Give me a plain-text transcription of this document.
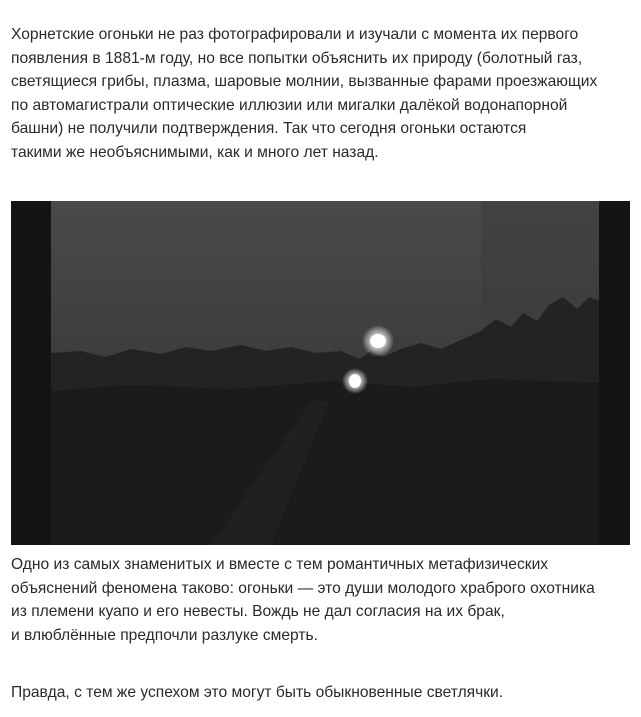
Хорнетские огоньки не раз фотографировали и изучали с момента их первого
появления в 1881-м году, но все попытки объяснить их природу (болотный газ,
светящиеся грибы, плазма, шаровые молнии, вызванные фарами проезжающих
по автомагистрали оптические иллюзии или мигалки далёкой водонапорной
башни) не получили подтверждения. Так что сегодня огоньки остаются
такими же необъяснимыми, как и много лет назад.
Одно из самых знаменитых и вместе с тем романтичных метафизических
объяснений феномена таково: огоньки — это души молодого храброго охотника
из племени куапо и его невесты. Вождь не дал согласия на их брак,
и влюблённые предпочли разлуке смерть.
Правда, с тем же успехом это могут быть обыкновенные светлячки.
